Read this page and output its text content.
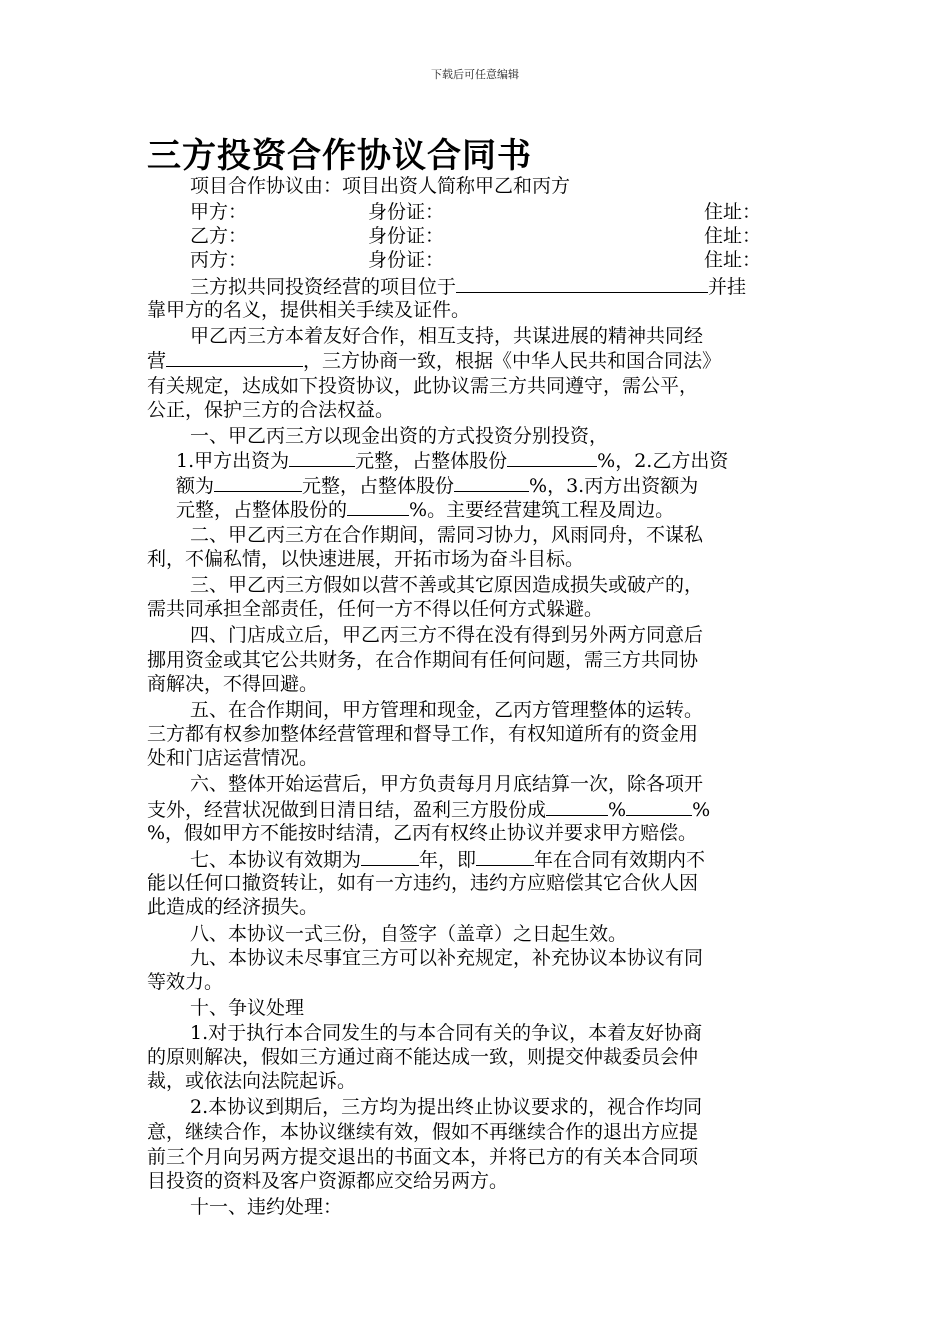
下载后可任意编辑
三方投资合作协议合同书
项目合作协议由：项目出资人简称甲乙和丙方
甲方：	身份证：	住址：
乙方：	身份证：	住址：
丙方：	身份证：	住址：
三方拟共同投资经营的项目位于	并挂
靠甲方的名义，提供相关手续及证件。
甲乙丙三方本着友好合作，相互支持，共谋进展的精神共同经
营	，三方协商一致，根据《中华人民共和国合同法》
有关规定，达成如下投资协议，此协议需三方共同遵守，需公平，
公正，保护三方的合法权益。
一、甲乙丙三方以现金出资的方式投资分别投资，
1.甲方出资为	元整，占整体股份	%，2.乙方出资
额为	元整，占整体股份	%，3.丙方出资额为
元整，占整体股份的	%。主要经营建筑工程及周边。
二、甲乙丙三方在合作期间，需同习协力，风雨同舟，不谋私
利，不偏私情，以快速进展，开拓市场为奋斗目标。
三、甲乙丙三方假如以营不善或其它原因造成损失或破产的，
需共同承担全部责任，任何一方不得以任何方式躲避。
四、门店成立后，甲乙丙三方不得在没有得到另外两方同意后
挪用资金或其它公共财务，在合作期间有任何问题，需三方共同协
商解决，不得回避。
五、在合作期间，甲方管理和现金，乙丙方管理整体的运转。
三方都有权参加整体经营管理和督导工作，有权知道所有的资金用
处和门店运营情况。
六、整体开始运营后，甲方负责每月月底结算一次，除各项开
支外，经营状况做到日清日结，盈利三方股份成	%	%
%，假如甲方不能按时结清，乙丙有权终止协议并要求甲方赔偿。
七、本协议有效期为	年，即	年在合同有效期内不
能以任何口撤资转让，如有一方违约，违约方应赔偿其它合伙人因
此造成的经济损失。
八、本协议一式三份，自签字（盖章）之日起生效。
九、本协议未尽事宜三方可以补充规定，补充协议本协议有同
等效力。
十、争议处理
1.对于执行本合同发生的与本合同有关的争议，本着友好协商
的原则解决，假如三方通过商不能达成一致，则提交仲裁委员会仲
裁，或依法向法院起诉。
2.本协议到期后，三方均为提出终止协议要求的，视合作均同
意，继续合作，本协议继续有效，假如不再继续合作的退出方应提
前三个月向另两方提交退出的书面文本，并将已方的有关本合同项
目投资的资料及客户资源都应交给另两方。
十一、违约处理：
